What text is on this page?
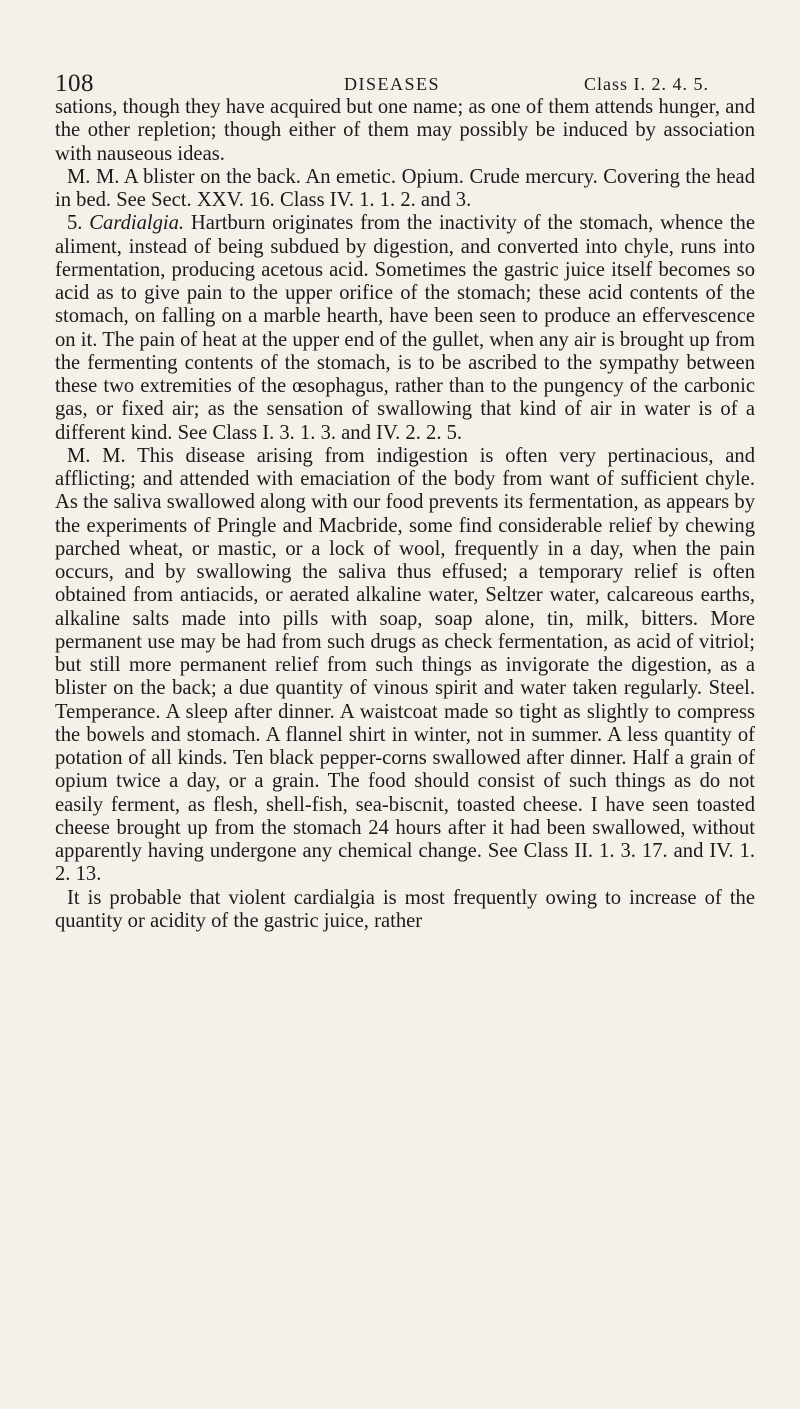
108	DISEASES	Class I. 2. 4. 5.

sations, though they have acquired but one name; as one of them attends hunger, and the other repletion; though either of them may possibly be induced by association with nauseous ideas.

M. M. A blister on the back. An emetic. Opium. Crude mercury. Covering the head in bed. See Sect. XXV. 16. Class IV. 1. 1. 2. and 3.

5. Cardialgia. Hartburn originates from the inactivity of the stomach, whence the aliment, instead of being subdued by digestion, and converted into chyle, runs into fermentation, producing acetous acid. Sometimes the gastric juice itself becomes so acid as to give pain to the upper orifice of the stomach; these acid contents of the stomach, on falling on a marble hearth, have been seen to produce an effervescence on it. The pain of heat at the upper end of the gullet, when any air is brought up from the fermenting contents of the stomach, is to be ascribed to the sympathy between these two extremities of the œsophagus, rather than to the pungency of the carbonic gas, or fixed air; as the sensation of swallowing that kind of air in water is of a different kind. See Class I. 3. 1. 3. and IV. 2. 2. 5.

M. M. This disease arising from indigestion is often very pertinacious, and afflicting; and attended with emaciation of the body from want of sufficient chyle. As the saliva swallowed along with our food prevents its fermentation, as appears by the experiments of Pringle and Macbride, some find considerable relief by chewing parched wheat, or mastic, or a lock of wool, frequently in a day, when the pain occurs, and by swallowing the saliva thus effused; a temporary relief is often obtained from antiacids, or aerated alkaline water, Seltzer water, calcareous earths, alkaline salts made into pills with soap, soap alone, tin, milk, bitters. More permanent use may be had from such drugs as check fermentation, as acid of vitriol; but still more permanent relief from such things as invigorate the digestion, as a blister on the back; a due quantity of vinous spirit and water taken regularly. Steel. Temperance. A sleep after dinner. A waistcoat made so tight as slightly to compress the bowels and stomach. A flannel shirt in winter, not in summer. A less quantity of potation of all kinds. Ten black pepper-corns swallowed after dinner. Half a grain of opium twice a day, or a grain. The food should consist of such things as do not easily ferment, as flesh, shell-fish, sea-biscnit, toasted cheese. I have seen toasted cheese brought up from the stomach 24 hours after it had been swallowed, without apparently having undergone any chemical change. See Class II. 1. 3. 17. and IV. 1. 2. 13.

It is probable that violent cardialgia is most frequently owing to increase of the quantity or acidity of the gastric juice, rather
